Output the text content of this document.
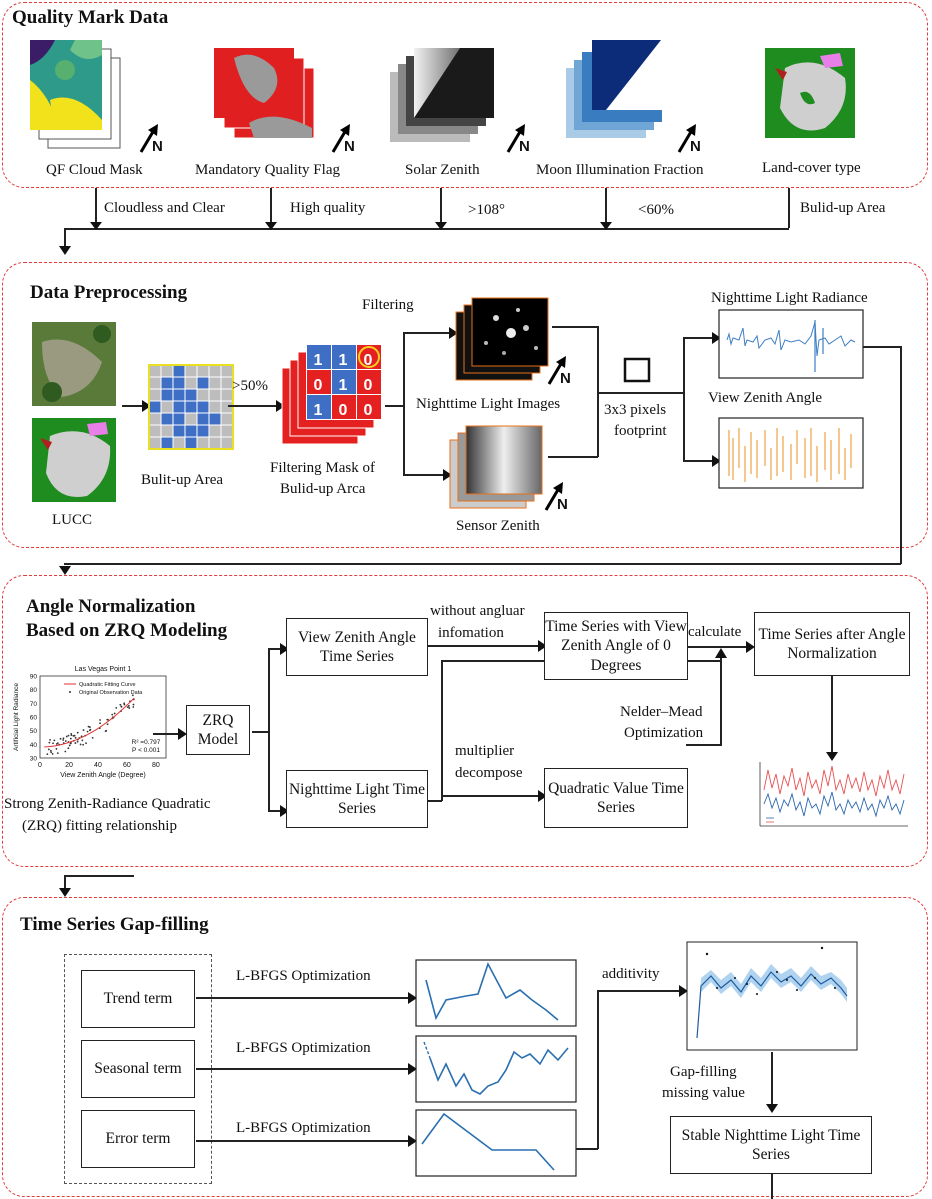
Quality Mark Data
N
QF Cloud Mask
N
Mandatory Quality Flag
N
Solar Zenith
N
Moon Illumination Fraction	Land-cover type
Cloudless and Clear	High quality	>108°	<60%	Bulid-up Area
Data Preprocessing
LUCC
Bulit-up Area
>50%
1	1	0
0	1	0
1	0	0
Filtering Mask of
Bulid-up Arca
Filtering
N
Nighttime Light Images
N
Sensor Zenith
3x3 pixels
footprint
Nighttime Light Radiance
View Zenith Angle
Angle Normalization
Based on ZRQ Modeling
Las Vegas Point 1
0	20	40	60	80
30
40
50
60
70
80
90
View Zenith Angle (Degree)
Artificial Light Radiance	Quadratic Fitting Curve
Original Observation Data
R² =0.797
P < 0.001
Strong Zenith-Radiance Quadratic
(ZRQ) fitting relationship
ZRQ Model
View Zenith Angle Time Series
Nighttime Light Time Series
without angluar
infomation
multiplier
decompose
Time Series with View Zenith Angle of 0 Degrees
Quadratic Value Time Series
Nelder–Mead
Optimization
calculate Time Series after Angle Normalization
Time Series Gap-filling
Trend term
Seasonal term
Error term
L-BFGS Optimization
L-BFGS Optimization
L-BFGS Optimization
additivity
Gap-filling
missing value
Stable Nighttime Light Time Series
